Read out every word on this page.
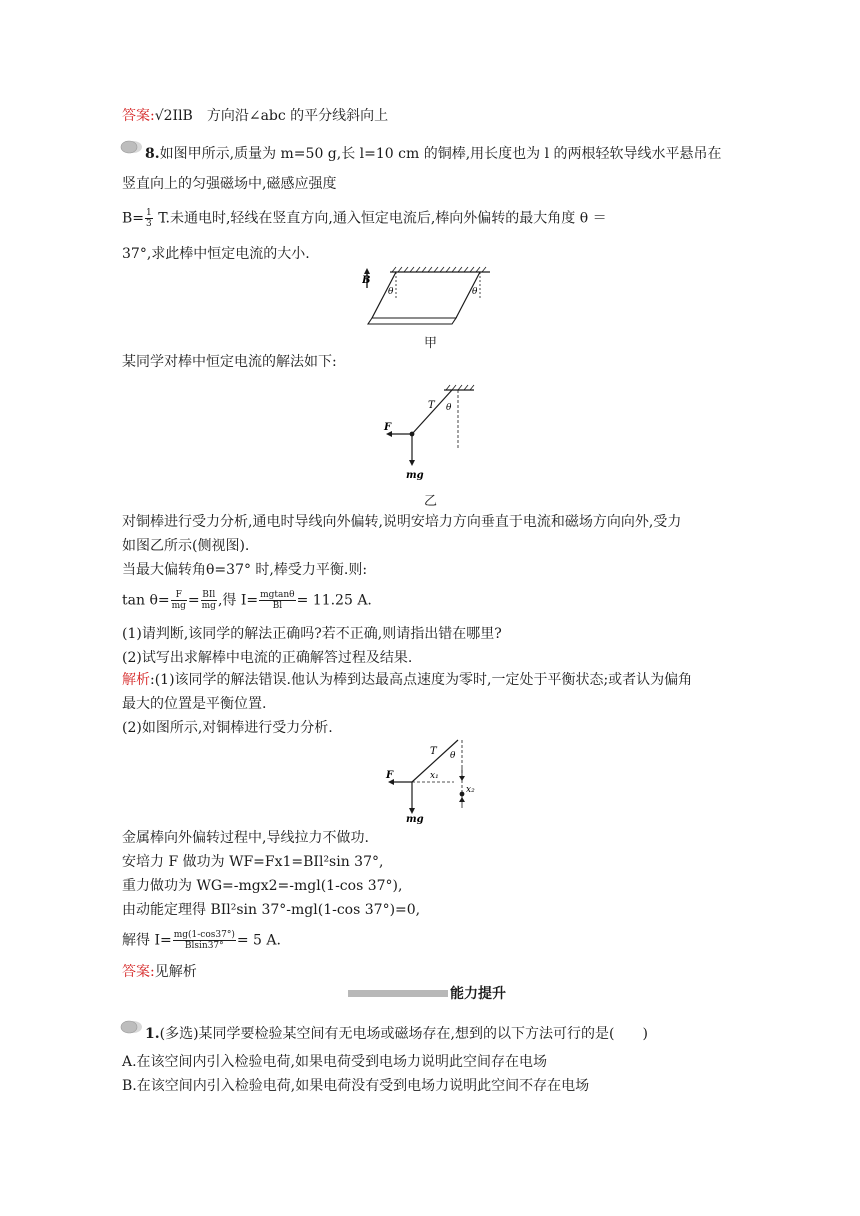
答案:√2IlB　方向沿∠abc 的平分线斜向上
8.如图甲所示,质量为 m=50 g,长 l=10 cm 的铜棒,用长度也为 l 的两根轻软导线水平悬吊在
竖直向上的匀强磁场中,磁感应强度
$B= \frac{1}{3} T$.未通电时,轻线在竖直方向,通入恒定电流后,棒向外偏转的最大角度 θ ＝
37°,求此棒中恒定电流的大小.
B
θ	θ
甲
某同学对棒中恒定电流的解法如下:
T θ
F
mg
乙
对铜棒进行受力分析,通电时导线向外偏转,说明安培力方向垂直于电流和磁场方向向外,受力
如图乙所示(侧视图).
当最大偏转角θ=37° 时,棒受力平衡.则:
$\tan \theta= \frac{F}{mg} = \frac{\text{BIl}}{mg}$ ,得 $I= \frac{mgtan\theta}{Bl} = 11.25$ A.
(1)请判断,该同学的解法正确吗?若不正确,则请指出错在哪里?
(2)试写出求解棒中电流的正确解答过程及结果.
解析:(1)该同学的解法错误.他认为棒到达最高点速度为零时,一定处于平衡状态;或者认为偏角
最大的位置是平衡位置.
(2)如图所示,对铜棒进行受力分析.
T θ
x₁
F
mg
x₂
金属棒向外偏转过程中,导线拉力不做功.
安培力 F 做功为 WF=Fx1=BIl²sin 37°,
重力做功为 WG=-mgx2=-mgl(1-cos 37°),
由动能定理得 BIl²sin 37°-mgl(1-cos 37°)=0,
解得 $I= \frac{mg(1-\cos 37^\circ)}{Blsin37^\circ} = 5$ A.
答案:见解析
能力提升
1.(多选)某同学要检验某空间有无电场或磁场存在,想到的以下方法可行的是(　　)
A.在该空间内引入检验电荷,如果电荷受到电场力说明此空间存在电场
B.在该空间内引入检验电荷,如果电荷没有受到电场力说明此空间不存在电场
